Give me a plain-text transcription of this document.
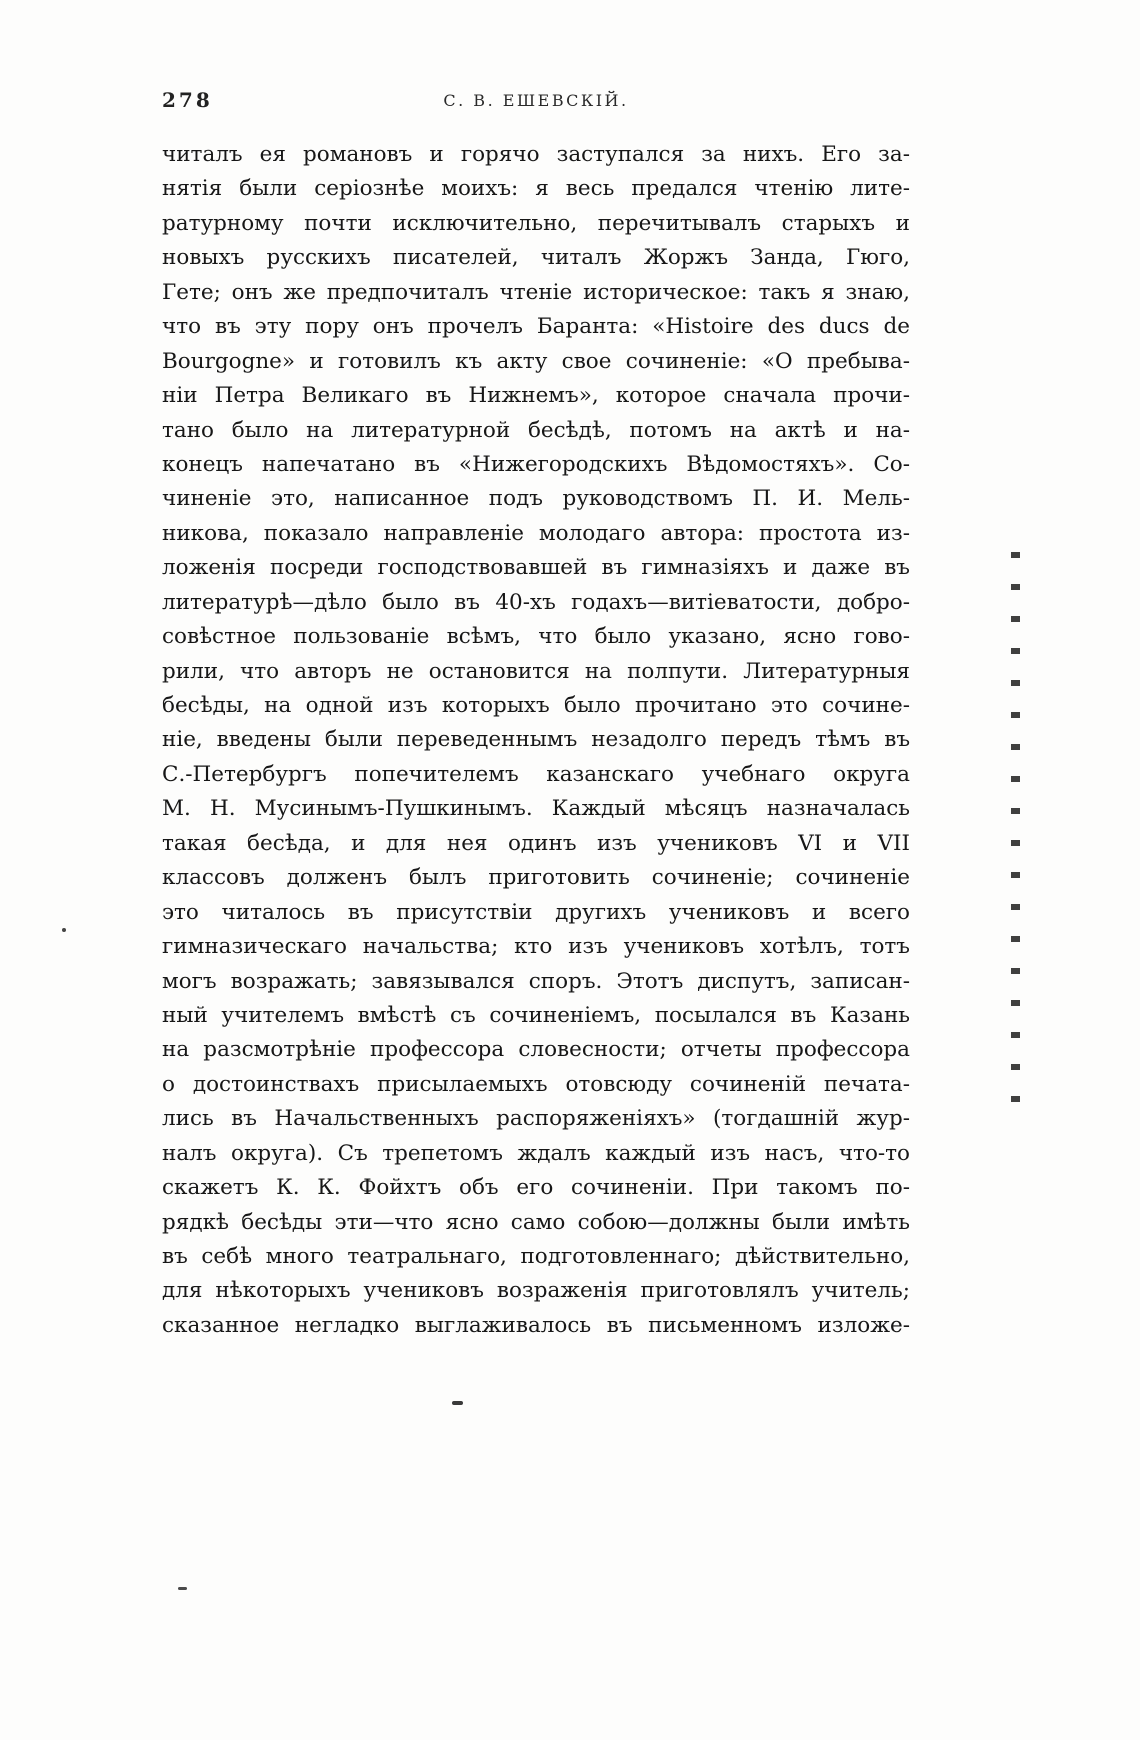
278	С. В. ЕШЕВСКІЙ.
читалъ ея романовъ и горячо заступался за нихъ. Его за-
нятія были серіознѣе моихъ: я весь предался чтенію лите-
ратурному почти исключительно, перечитывалъ старыхъ и
новыхъ русскихъ писателей, читалъ Жоржъ Занда, Гюго,
Гете; онъ же предпочиталъ чтеніе историческое: такъ я знаю,
что въ эту пору онъ прочелъ Баранта: «Histoire des ducs de
Bourgogne» и готовилъ къ акту свое сочиненіе: «О пребыва-
ніи Петра Великаго въ Нижнемъ», которое сначала прочи-
тано было на литературной бесѣдѣ, потомъ на актѣ и на-
конецъ напечатано въ «Нижегородскихъ Вѣдомостяхъ». Со-
чиненіе это, написанное подъ руководствомъ П. И. Мель-
никова, показало направленіе молодаго автора: простота из-
ложенія посреди господствовавшей въ гимназіяхъ и даже въ
литературѣ—дѣло было въ 40-хъ годахъ—витіеватости, добро-
совѣстное пользованіе всѣмъ, что было указано, ясно гово-
рили, что авторъ не остановится на полпути. Литературныя
бесѣды, на одной изъ которыхъ было прочитано это сочине-
ніе, введены были переведеннымъ незадолго передъ тѣмъ въ
С.-Петербургъ попечителемъ казанскаго учебнаго округа
М. Н. Мусинымъ-Пушкинымъ. Каждый мѣсяцъ назначалась
такая бесѣда, и для нея одинъ изъ учениковъ VI и VII
классовъ долженъ былъ приготовить сочиненіе; сочиненіе
это читалось въ присутствіи другихъ учениковъ и всего
гимназическаго начальства; кто изъ учениковъ хотѣлъ, тотъ
могъ возражать; завязывался споръ. Этотъ диспутъ, записан-
ный учителемъ вмѣстѣ съ сочиненіемъ, посылался въ Казань
на разсмотрѣніе профессора словесности; отчеты профессора
о достоинствахъ присылаемыхъ отовсюду сочиненій печата-
лись въ Начальственныхъ распоряженіяхъ» (тогдашній жур-
налъ округа). Съ трепетомъ ждалъ каждый изъ насъ, что-то
скажетъ К. К. Фойхтъ объ его сочиненіи. При такомъ по-
рядкѣ бесѣды эти—что ясно само собою—должны были имѣть
въ себѣ много театральнаго, подготовленнаго; дѣйствительно,
для нѣкоторыхъ учениковъ возраженія приготовлялъ учитель;
сказанное негладко выглаживалось въ письменномъ изложе-
